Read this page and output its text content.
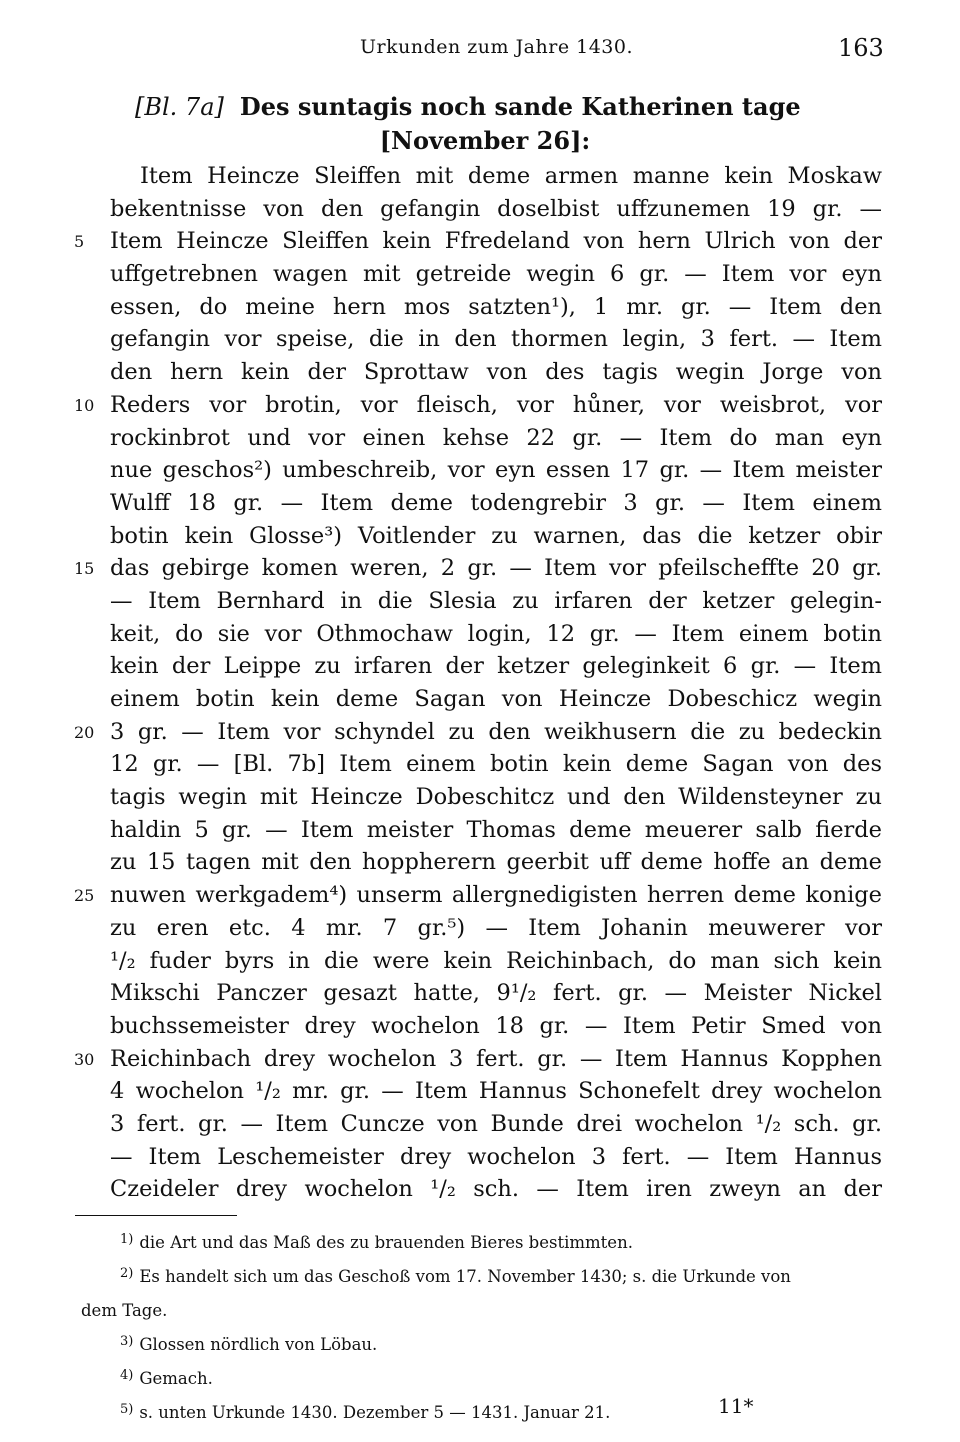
Urkunden zum Jahre 1430.	163
[Bl. 7a] Des suntagis noch sande Katherinen tage
[November 26]:
Item Heincze Sleiffen mit deme armen manne kein Moskaw
bekentnisse von den gefangin doselbist uffzunemen 19 gr. —
5	Item Heincze Sleiffen kein Ffredeland von hern Ulrich von der
uffgetrebnen wagen mit getreide wegin 6 gr. — Item vor eyn
essen, do meine hern mos satzten¹), 1 mr. gr. — Item den
gefangin vor speise, die in den thormen legin, 3 fert. — Item
den hern kein der Sprottaw von des tagis wegin Jorge von
10 Reders vor brotin, vor fleisch, vor hůner, vor weisbrot, vor
rockinbrot und vor einen kehse 22 gr. — Item do man eyn
nue geschos²) umbeschreib, vor eyn essen 17 gr. — Item meister
Wulff 18 gr. — Item deme todengrebir 3 gr. — Item einem
botin kein Glosse³) Voitlender zu warnen, das die ketzer obir
15 das gebirge komen weren, 2 gr. — Item vor pfeilscheffte 20 gr.
— Item Bernhard in die Slesia zu irfaren der ketzer gelegin-
keit, do sie vor Othmochaw login, 12 gr. — Item einem botin
kein der Leippe zu irfaren der ketzer geleginkeit 6 gr. — Item
einem botin kein deme Sagan von Heincze Dobeschicz wegin
20 3 gr. — Item vor schyndel zu den weikhusern die zu bedeckin
12 gr. — [Bl. 7b] Item einem botin kein deme Sagan von des
tagis wegin mit Heincze Dobeschitcz und den Wildensteyner zu
haldin 5 gr. — Item meister Thomas deme meuerer salb fierde
zu 15 tagen mit den hoppherern geerbit uff deme hoffe an deme
25 nuwen werkgadem⁴) unserm allergnedigisten herren deme konige
zu eren etc. 4 mr. 7 gr.⁵) — Item Johanin meuwerer vor
¹/₂ fuder byrs in die were kein Reichinbach, do man sich kein
Mikschi Panczer gesazt hatte, 9¹/₂ fert. gr. — Meister Nickel
buchssemeister drey wochelon 18 gr. — Item Petir Smed von
30 Reichinbach drey wochelon 3 fert. gr. — Item Hannus Kopphen
4 wochelon ¹/₂ mr. gr. — Item Hannus Schonefelt drey wochelon
3 fert. gr. — Item Cuncze von Bunde drei wochelon ¹/₂ sch. gr.
— Item Leschemeister drey wochelon 3 fert. — Item Hannus
Czeideler drey wochelon ¹/₂ sch. — Item iren zweyn an der
$^{1)}$ die Art und das Maß des zu brauenden Bieres bestimmten.
$^{2)}$ Es handelt sich um das Geschoß vom 17. November 1430; s. die Urkunde von
dem Tage.
$^{3)}$ Glossen nördlich von Löbau.
$^{4)}$ Gemach.
$^{5)}$ s. unten Urkunde 1430. Dezember 5 — 1431. Januar 21.	11*
